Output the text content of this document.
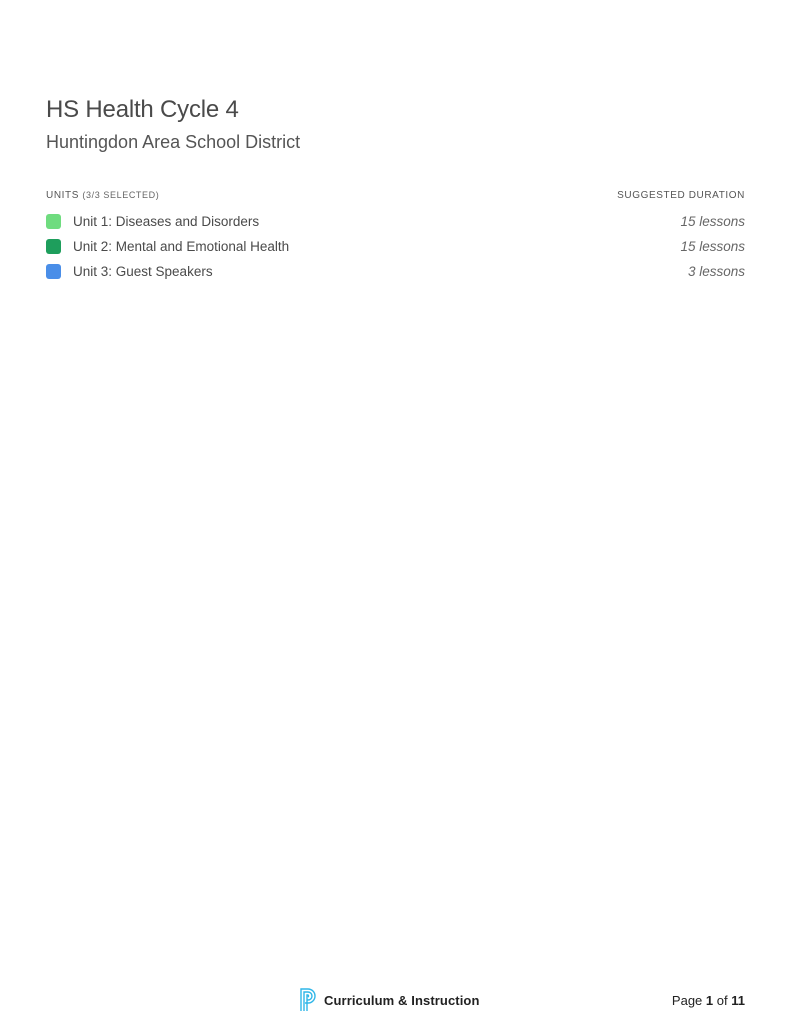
HS Health Cycle 4
Huntingdon Area School District
UNITS (3/3 SELECTED)	SUGGESTED DURATION
Unit 1: Diseases and Disorders	15 lessons
Unit 2: Mental and Emotional Health	15 lessons
Unit 3: Guest Speakers	3 lessons
Curriculum & Instruction	Page 1 of 11
